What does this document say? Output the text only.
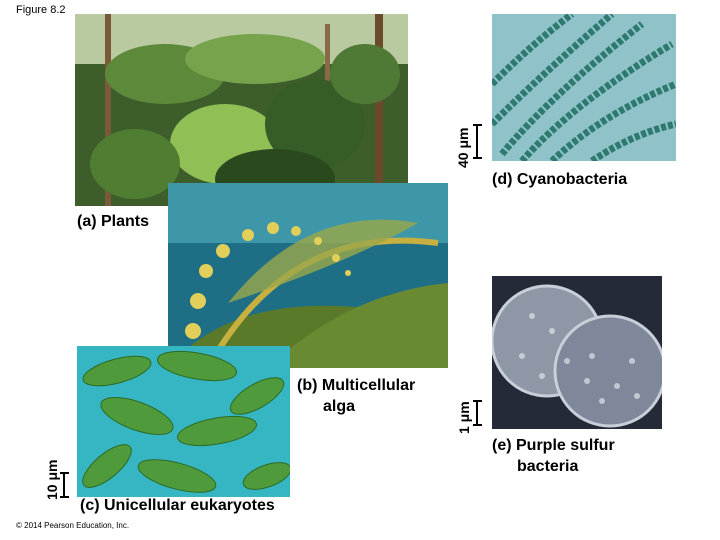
Figure 8.2
(a) Plants
(d) Cyanobacteria
(b) Multicellular
alga
(c) Unicellular eukaryotes
(e) Purple sulfur
bacteria
40 μm
1 μm
10 μm
© 2014 Pearson Education, Inc.
